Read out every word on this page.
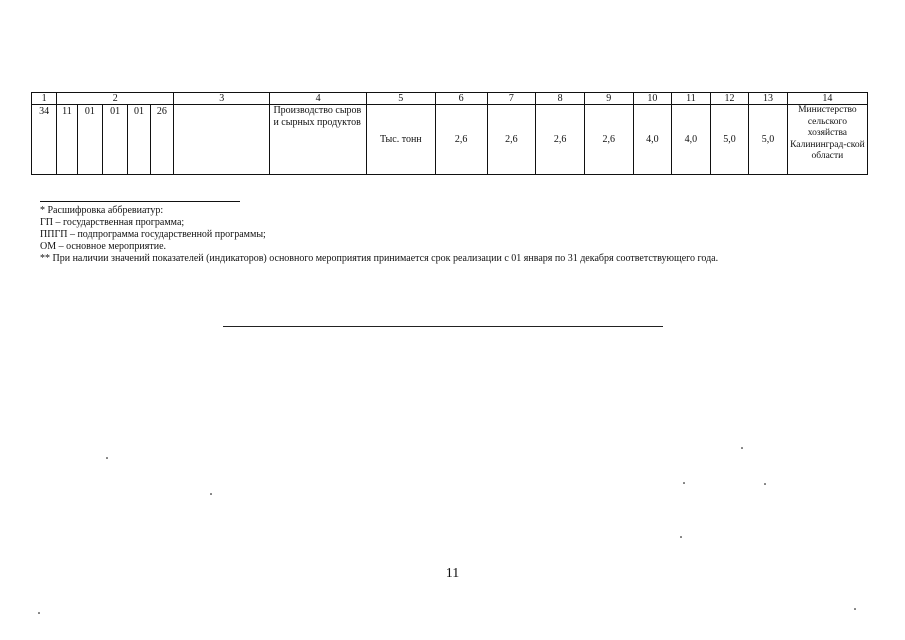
1	2					3	4	5	6	7	8	9	10	11	12	13	14
34	11	01	01	01	26		Производство сыров и сырных продуктов	Тыс. тонн	2,6	2,6	2,6	2,6	4,0	4,0	5,0	5,0	Министерство сельского хозяйства Калининград-ской области

* Расшифровка аббревиатур:

ГП – государственная программа;

ППГП – подпрограмма государственной программы;

ОМ – основное мероприятие.

** При наличии значений показателей (индикаторов) основного мероприятия принимается срок реализации с 01 января по 31 декабря соответствующего года.

11
